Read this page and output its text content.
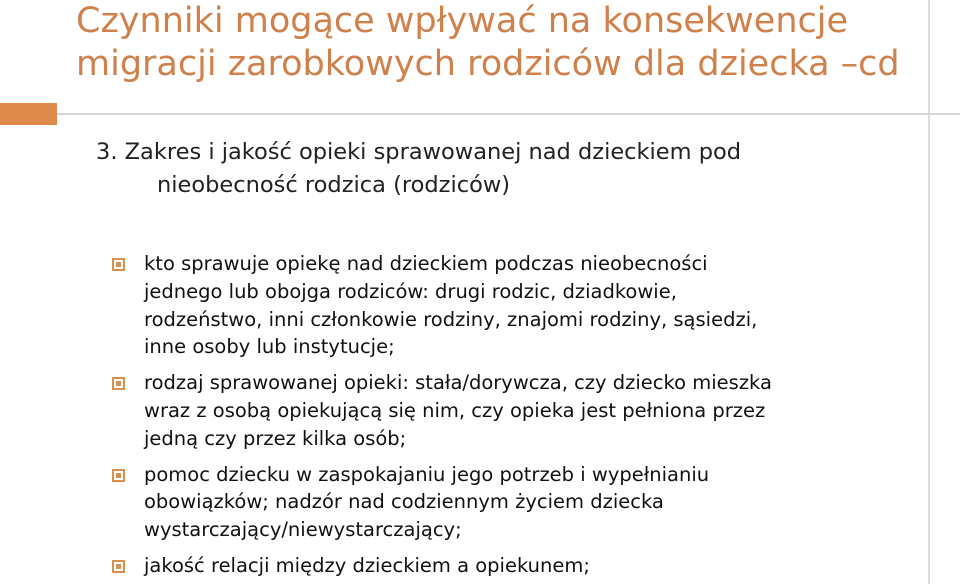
Czynniki mogące wpływać na konsekwencje
migracji zarobkowych rodziców dla dziecka –cd
3. Zakres i jakość opieki sprawowanej nad dzieckiem pod
nieobecność rodzica (rodziców)
kto sprawuje opiekę nad dzieckiem podczas nieobecności
jednego lub obojga rodziców: drugi rodzic, dziadkowie,
rodzeństwo, inni członkowie rodziny, znajomi rodziny, sąsiedzi,
inne osoby lub instytucje;
rodzaj sprawowanej opieki: stała/dorywcza, czy dziecko mieszka
wraz z osobą opiekującą się nim, czy opieka jest pełniona przez
jedną czy przez kilka osób;
pomoc dziecku w zaspokajaniu jego potrzeb i wypełnianiu
obowiązków; nadzór nad codziennym życiem dziecka
wystarczający/niewystarczający;
jakość relacji między dzieckiem a opiekunem;
